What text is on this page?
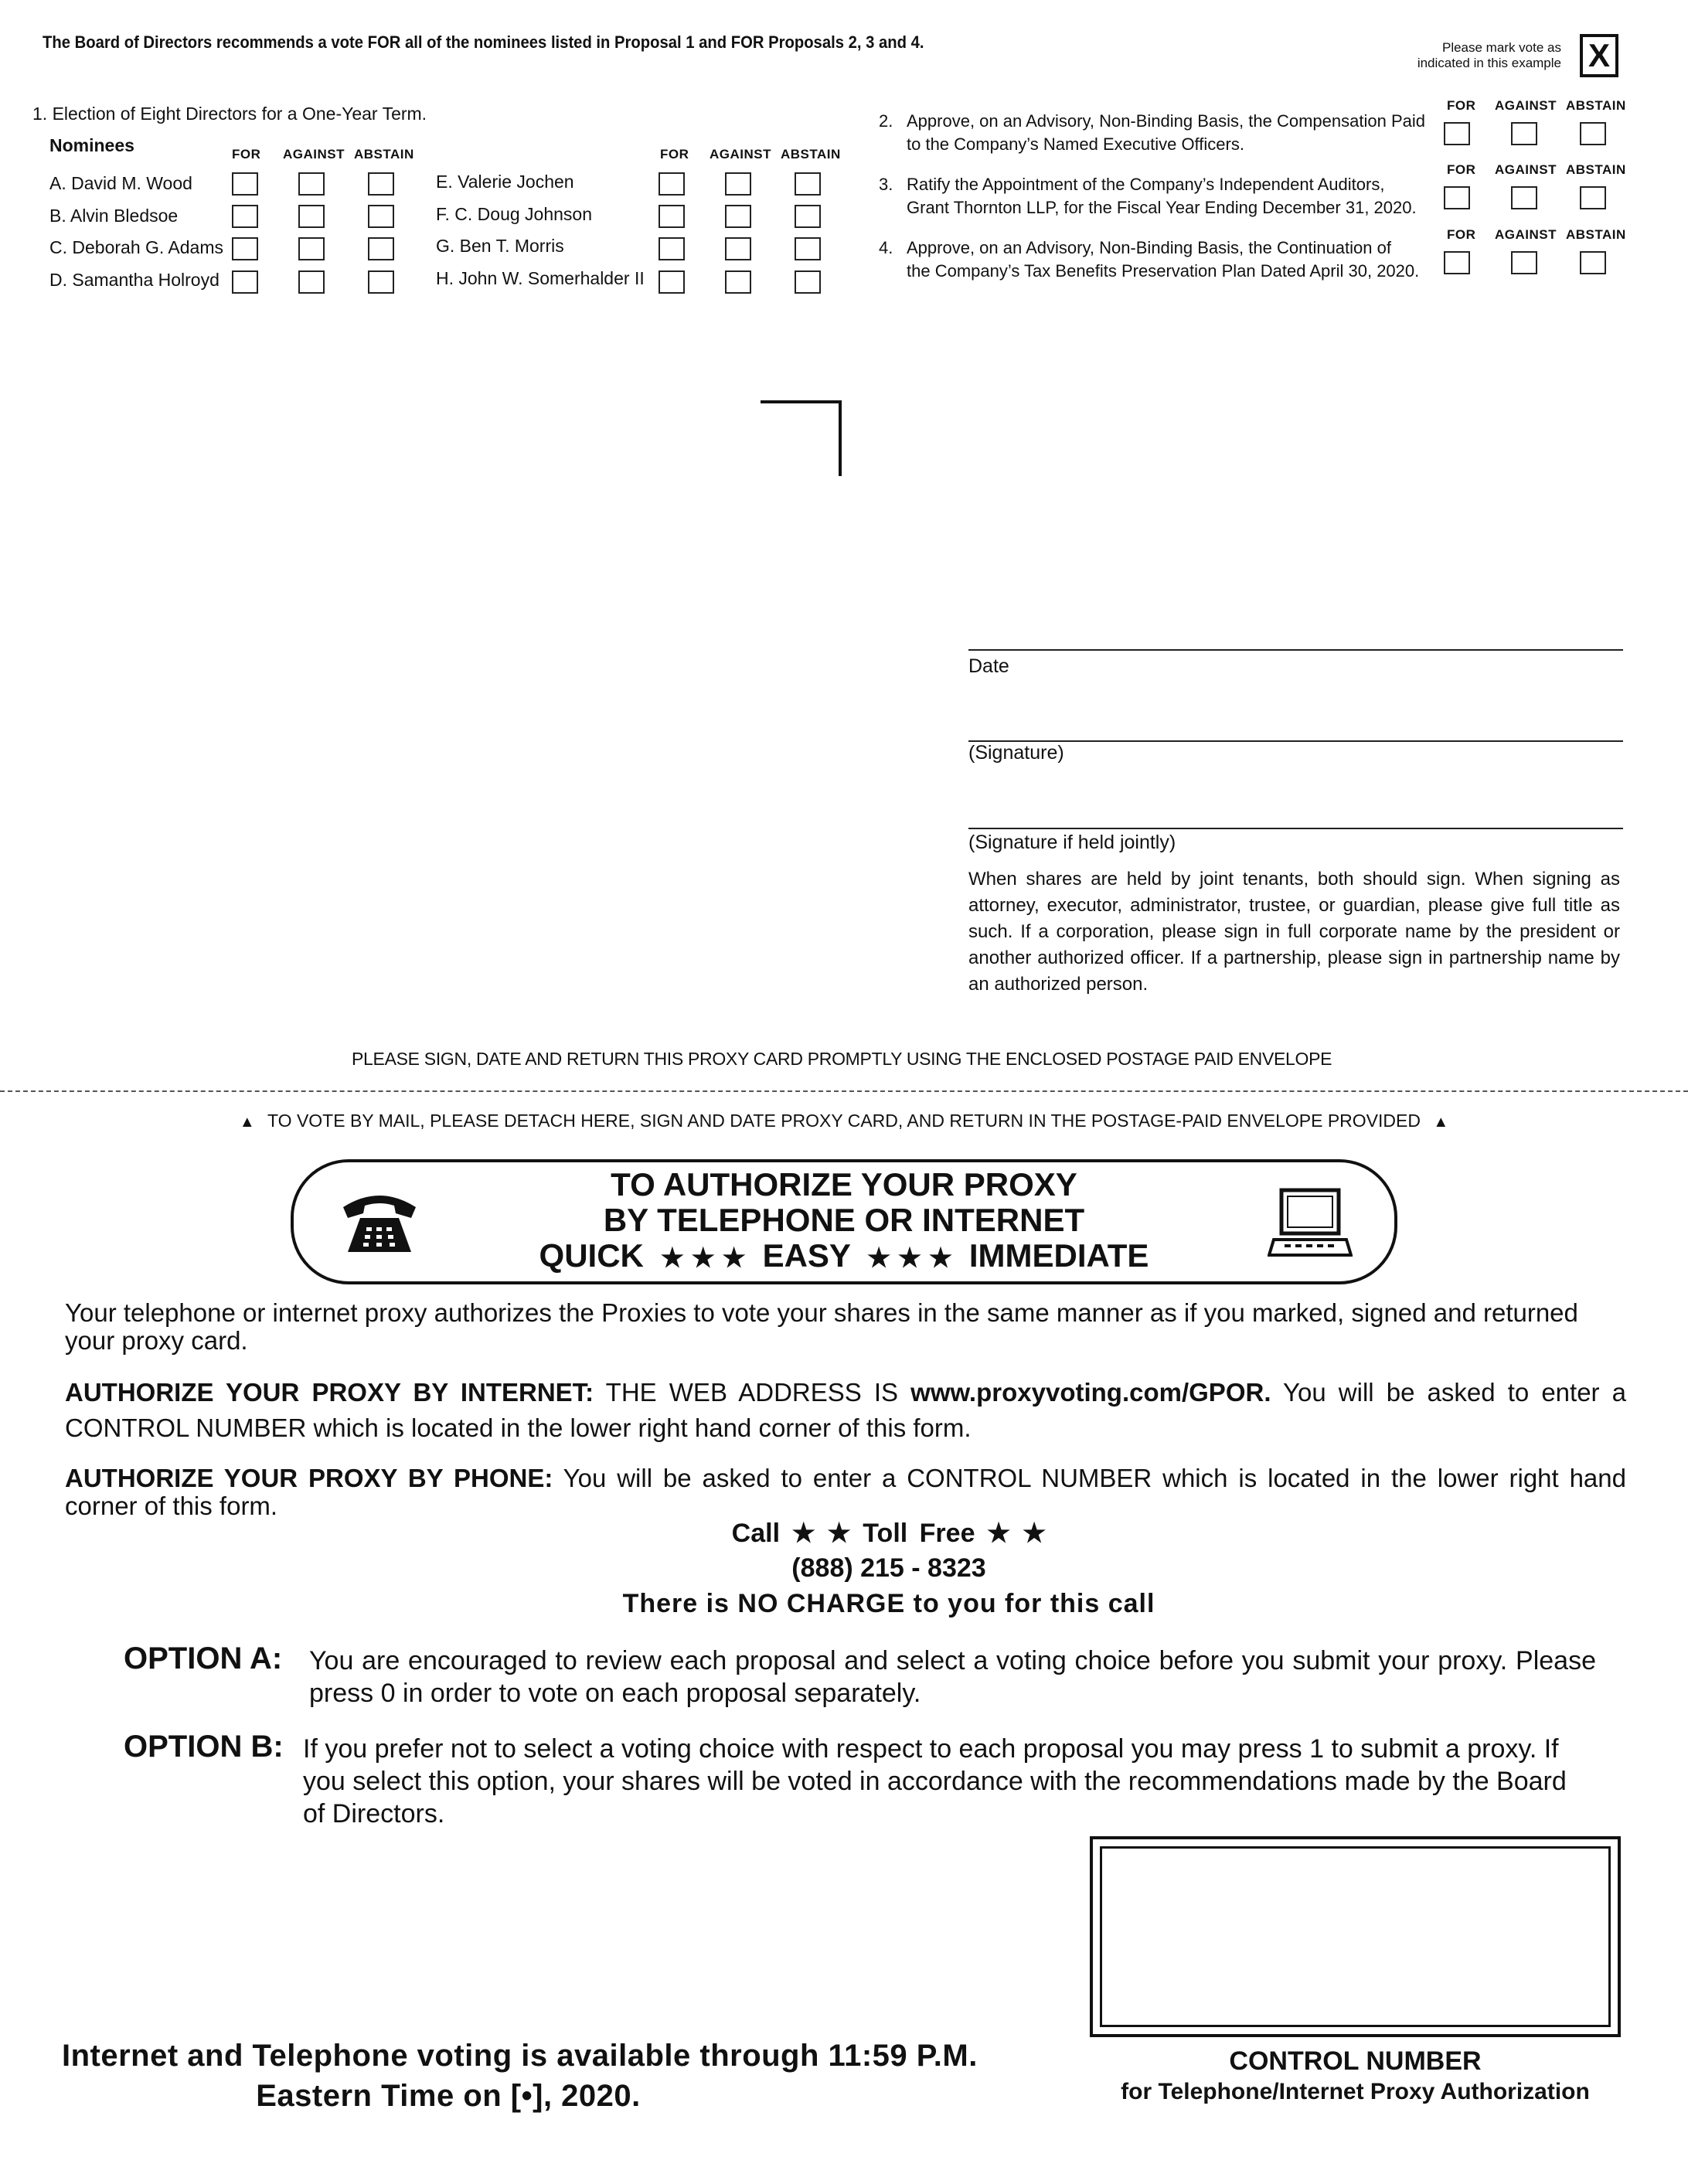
The Board of Directors recommends a vote FOR all of the nominees listed in Proposal 1 and FOR Proposals 2, 3 and 4.	Please mark vote as
indicated in this example X
1. Election of Eight Directors for a One-Year Term.
Nominees	FOR AGAINST ABSTAIN	FOR AGAINST ABSTAIN
A. David M. Wood
B. Alvin Bledsoe
C. Deborah G. Adams
D. Samantha Holroyd
E. Valerie Jochen
F. C. Doug Johnson
G. Ben T. Morris
H. John W. Somerhalder II
FOR AGAINST ABSTAIN
2. Approve, on an Advisory, Non-Binding Basis, the Compensation Paid
to the Company’s Named Executive Officers.
FOR AGAINST ABSTAIN
3. Ratify the Appointment of the Company’s Independent Auditors,
Grant Thornton LLP, for the Fiscal Year Ending December 31, 2020.
FOR AGAINST ABSTAIN
4. Approve, on an Advisory, Non-Binding Basis, the Continuation of
the Company’s Tax Benefits Preservation Plan Dated April 30, 2020.
Date
(Signature)
(Signature if held jointly)
When shares are held by joint tenants, both should sign. When signing as attorney, executor, administrator, trustee, or guardian, please give full title as such. If a corporation, please sign in full corporate name by the president or another authorized officer. If a partnership, please sign in partnership name by an authorized person.
PLEASE SIGN, DATE AND RETURN THIS PROXY CARD PROMPTLY USING THE ENCLOSED POSTAGE PAID ENVELOPE
▲ TO VOTE BY MAIL, PLEASE DETACH HERE, SIGN AND DATE PROXY CARD, AND RETURN IN THE POSTAGE-PAID ENVELOPE PROVIDED ▲
TO AUTHORIZE YOUR PROXY
BY TELEPHONE OR INTERNET
QUICK ★ ★ ★ EASY ★ ★ ★ IMMEDIATE
Your telephone or internet proxy authorizes the Proxies to vote your shares in the same manner as if you marked, signed and returned your proxy card.
AUTHORIZE YOUR PROXY BY INTERNET: THE WEB ADDRESS IS www.proxyvoting.com/GPOR. You will be asked to enter a CONTROL NUMBER which is located in the lower right hand corner of this form.
AUTHORIZE YOUR PROXY BY PHONE: You will be asked to enter a CONTROL NUMBER which is located in the lower right hand corner of this form.
Call ★ ★ Toll Free ★ ★
(888) 215 - 8323
There is NO CHARGE to you for this call
OPTION A: You are encouraged to review each proposal and select a voting choice before you submit your proxy. Please press 0 in order to vote on each proposal separately.
OPTION B: If you prefer not to select a voting choice with respect to each proposal you may press 1 to submit a proxy. If you select this option, your shares will be voted in accordance with the recommendations made by the Board of Directors.
Internet and Telephone voting is available through 11:59 P.M.
Eastern Time on [•], 2020.
CONTROL NUMBER
for Telephone/Internet Proxy Authorization
